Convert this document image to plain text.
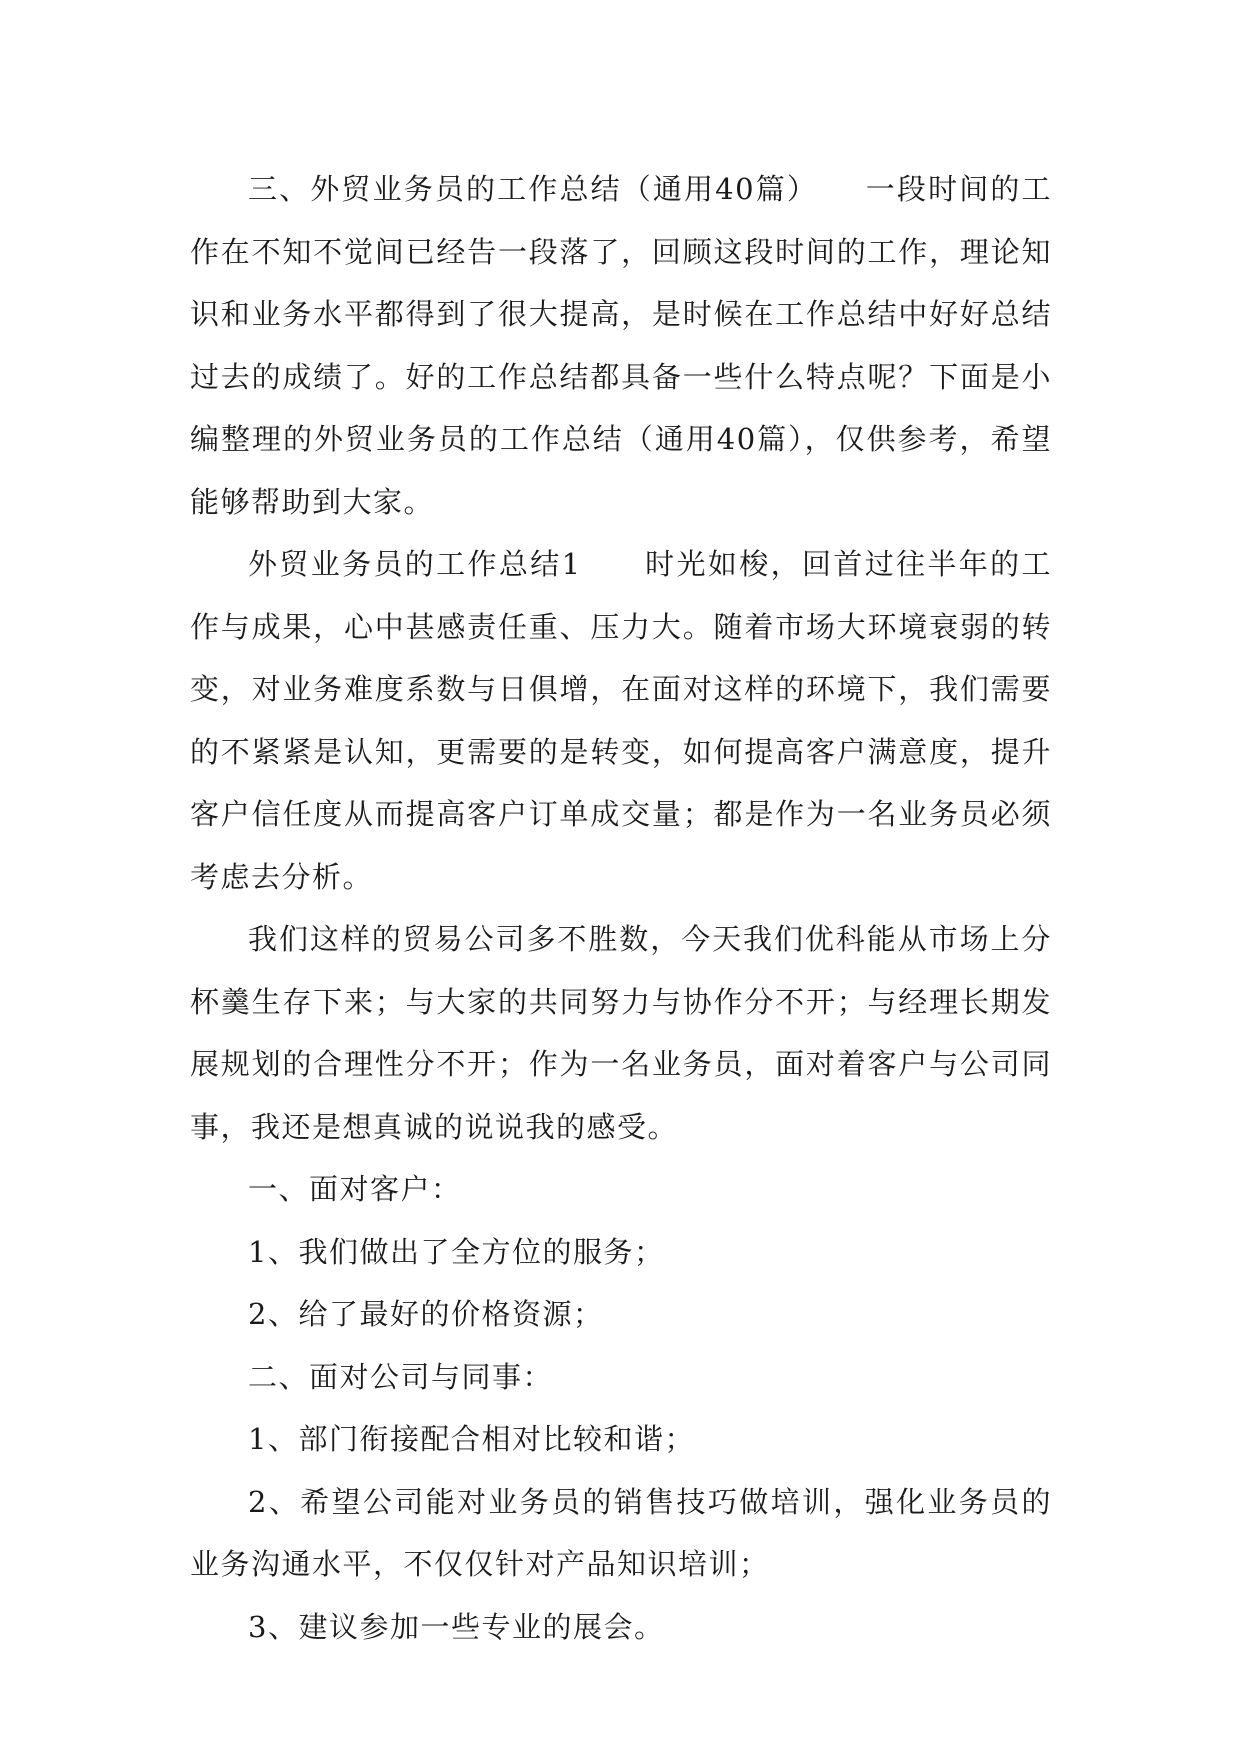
三、外贸业务员的工作总结（通用40篇）　　一段时间的工作在不知不觉间已经告一段落了，回顾这段时间的工作，理论知识和业务水平都得到了很大提高，是时候在工作总结中好好总结过去的成绩了。好的工作总结都具备一些什么特点呢？下面是小编整理的外贸业务员的工作总结（通用40篇），仅供参考，希望能够帮助到大家。

外贸业务员的工作总结1　　时光如梭，回首过往半年的工作与成果，心中甚感责任重、压力大。随着市场大环境衰弱的转变，对业务难度系数与日俱增，在面对这样的环境下，我们需要的不紧紧是认知，更需要的是转变，如何提高客户满意度，提升客户信任度从而提高客户订单成交量；都是作为一名业务员必须考虑去分析。

我们这样的贸易公司多不胜数，今天我们优科能从市场上分杯羹生存下来；与大家的共同努力与协作分不开；与经理长期发展规划的合理性分不开；作为一名业务员，面对着客户与公司同事，我还是想真诚的说说我的感受。

一、面对客户：

1、我们做出了全方位的服务；

2、给了最好的价格资源；

二、面对公司与同事：

1、部门衔接配合相对比较和谐；

2、希望公司能对业务员的销售技巧做培训，强化业务员的业务沟通水平，不仅仅针对产品知识培训；

3、建议参加一些专业的展会。
